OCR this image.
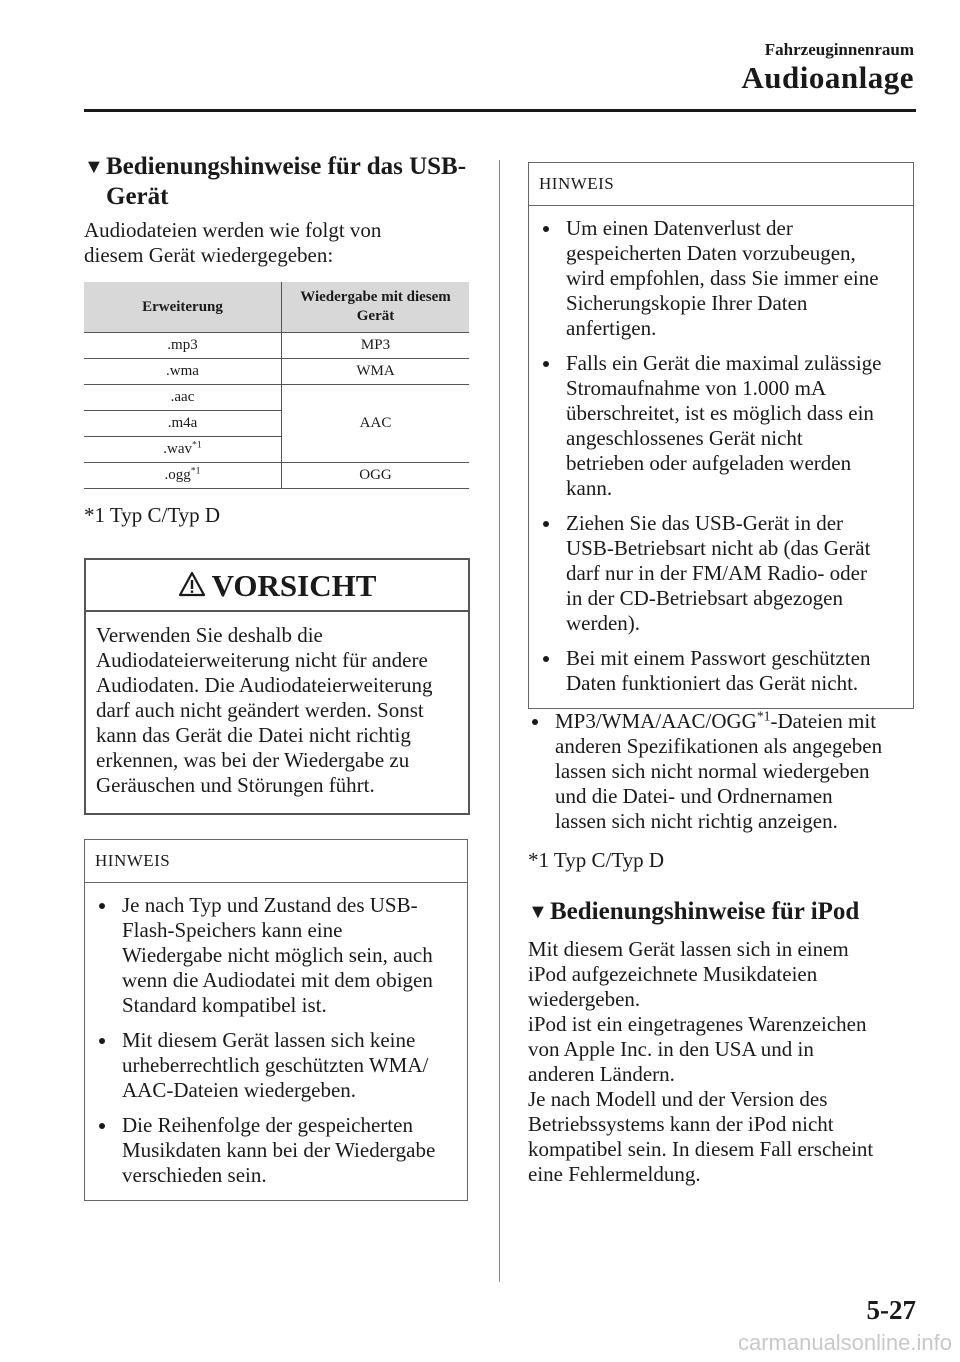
Fahrzeuginnenraum
Audioanlage
▼Bedienungshinweise für das USB-
Gerät

Audiodateien werden wie folgt von
diesem Gerät wiedergegeben:

Erweiterung	Wiedergabe mit diesem
Gerät
.mp3	MP3
.wma	WMA
.aac	AAC
.m4a	
.wav$^{*1}$
.ogg$^{*1}$	OGG

*1 Typ C/Typ D

VORSICHT

Verwenden Sie deshalb die
Audiodateierweiterung nicht für andere
Audiodaten. Die Audiodateierweiterung
darf auch nicht geändert werden. Sonst
kann das Gerät die Datei nicht richtig
erkennen, was bei der Wiedergabe zu
Geräuschen und Störungen führt.

HINWEIS
Je nach Typ und Zustand des USB-
Flash-Speichers kann eine
Wiedergabe nicht möglich sein, auch
wenn die Audiodatei mit dem obigen
Standard kompatibel ist.
Mit diesem Gerät lassen sich keine
urheberrechtlich geschützten WMA/
AAC-Dateien wiedergeben.
Die Reihenfolge der gespeicherten
Musikdaten kann bei der Wiedergabe
verschieden sein.
HINWEIS
Um einen Datenverlust der
gespeicherten Daten vorzubeugen,
wird empfohlen, dass Sie immer eine
Sicherungskopie Ihrer Daten
anfertigen.
Falls ein Gerät die maximal zulässige
Stromaufnahme von 1.000 mA
überschreitet, ist es möglich dass ein
angeschlossenes Gerät nicht
betrieben oder aufgeladen werden
kann.
Ziehen Sie das USB-Gerät in der
USB-Betriebsart nicht ab (das Gerät
darf nur in der FM/AM Radio- oder
in der CD-Betriebsart abgezogen
werden).
Bei mit einem Passwort geschützten
Daten funktioniert das Gerät nicht.
MP3/WMA/AAC/OGG$^{*1}$-Dateien mit
anderen Spezifikationen als angegeben
lassen sich nicht normal wiedergeben
und die Datei- und Ordnernamen
lassen sich nicht richtig anzeigen.

*1 Typ C/Typ D

▼Bedienungshinweise für iPod

Mit diesem Gerät lassen sich in einem
iPod aufgezeichnete Musikdateien
wiedergeben.
iPod ist ein eingetragenes Warenzeichen
von Apple Inc. in den USA und in
anderen Ländern.
Je nach Modell und der Version des
Betriebssystems kann der iPod nicht
kompatibel sein. In diesem Fall erscheint
eine Fehlermeldung.

5-27
carmanualsonline.info
